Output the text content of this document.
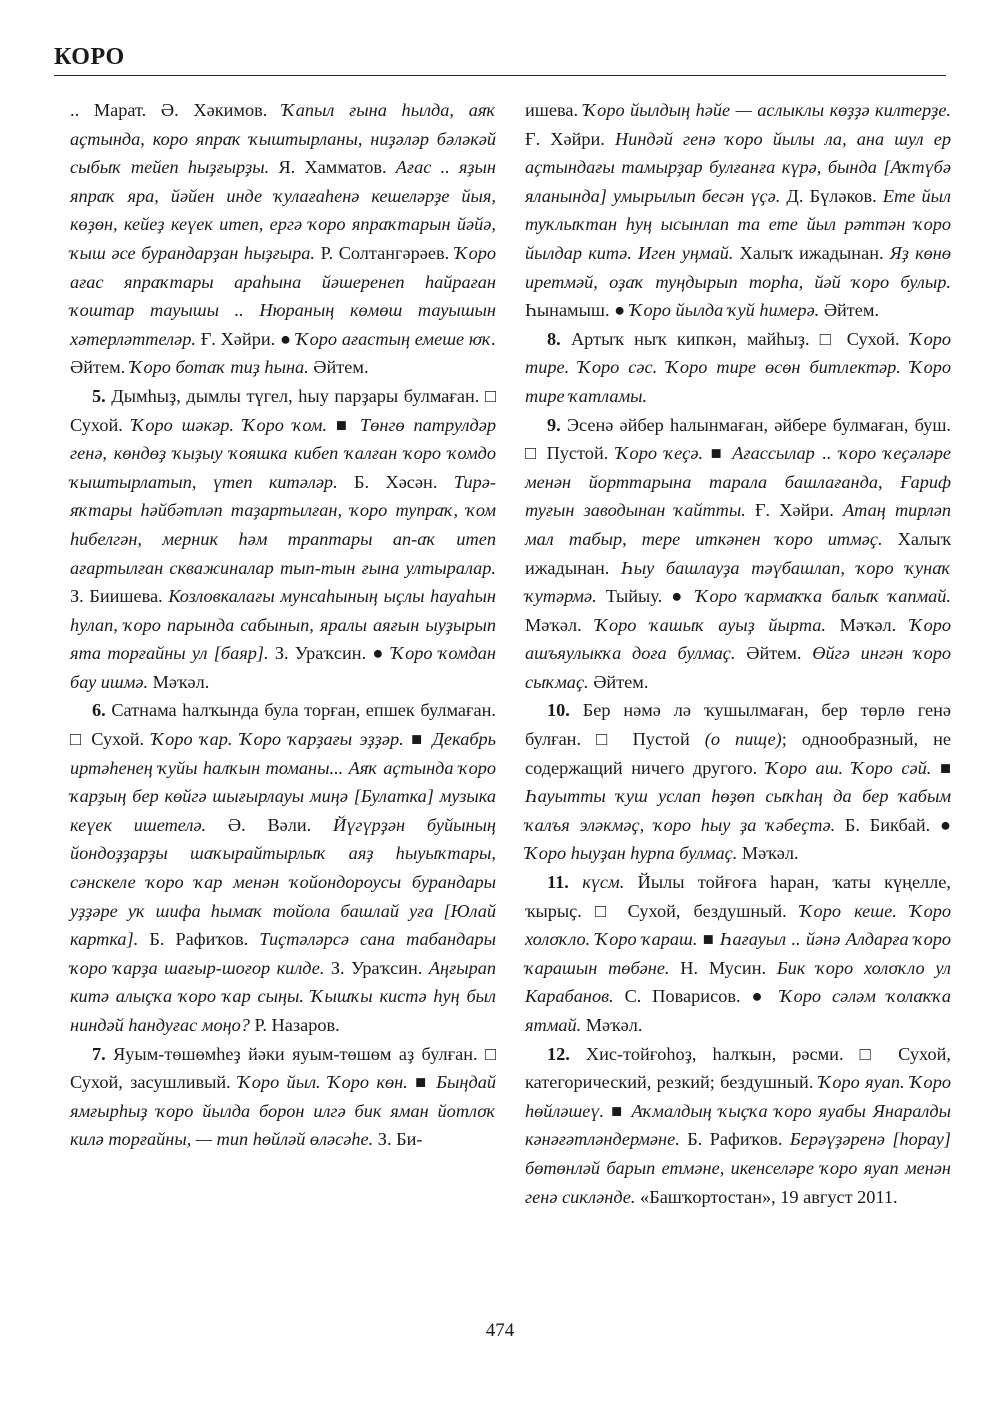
КОРО

.. Марат. Ә. Хәкимов. Ҡапыл ғына һылда, аяҡ аҫтында, коро япраҡ ҡыштырланы, ниҙәләр бәләкәй сыбыҡ тейеп һыҙғырҙы. Я. Хамматов. Ағас .. яҙын япраҡ яра, йәйен инде ҡулағаһенә кешеләрҙе йыя, көҙөн, кейеҙ кеүек итеп, ергә ҡоро япраҡтарын йәйә, ҡыш әсе бурандарҙан һыҙғыра. Р. Солтангәрәев. Ҡоро ағас япраҡтары араһына йәшеренеп һайраған ҡоштар тауышы .. Нюраның көмөш тауышын хәтерләттеләр. Ғ. Хәйри. ● Ҡоро ағастың емеше юҡ. Әйтем. Ҡоро ботаҡ тиҙ һына. Әйтем.

5. Дымһыҙ, дымлы түгел, һыу парҙары булмаған. □ Сухой. Ҡоро шәкәр. Ҡоро ҡом. ■ Төнгө патрулдәр генә, көндөҙ ҡыҙыу ҡояшка кибеп ҡалған ҡоро ҡомдо ҡыштырлатып, үтеп китәләр. Б. Хәсән. Тирә-яҡтары һәйбәтләп таҙартылған, ҡоро тупраҡ, ҡом һибелгән, мерник һәм траптары ап-аҡ итеп ағартылған скважиналар тып-тын ғына ултыралар. З. Биишева. Козловкалағы мунсаһының ыҫлы һауаһын һулап, ҡоро парында сабынып, яралы аяғын ыуҙырып ята торғайны ул [баяр]. З. Ураҡсин. ● Ҡоро ҡомдан бау ишмә. Мәҡәл.

6. Сатнама һалҡында була торған, епшек булмаған. □ Сухой. Ҡоро ҡар. Ҡоро ҡарҙағы эҙҙәр. ■ Декабрь иртәһенең ҡуйы һалҡын томаны... Аяҡ аҫтында ҡоро ҡарҙың бер көйгә шығырлауы миңә [Булатка] музыка кеүек ишетелә. Ә. Вәли. Йүгүрҙән буйының йондоҙҙарҙы шаҡырайтырлыҡ аяҙ һыуыҡтары, сәнскеле ҡоро ҡар менән ҡойондороусы бурандары уҙҙәре уҡ шифа һымаҡ тойола башлай уға [Юлай картка]. Б. Рафиҡов. Тиҫтәләрсә сана табандары ҡоро ҡарҙа шағыр-шоғор килде. З. Ураҡсин. Аңғырап китә алыҫҡа ҡоро ҡар сыңы. Ҡышҡы кистә һуң был ниндәй һандуғас моңо? Р. Назаров.

7. Яуым-төшөмһеҙ йәки яуым-төшөм аҙ булған. □ Сухой, засушливый. Ҡоро йыл. Ҡоро көн. ■ Быңдай ямғырһыҙ ҡоро йылда борон илгә бик яман йотлоҡ килә торғайны, — тип һөйләй өләсәһе. З. Би-

ишева. Ҡоро йылдың һәйе — аслыклы көҙҙә килтерҙе. Ғ. Хәйри. Ниндәй генә ҡоро йылы ла, ана шул ер аҫтындағы тамырҙар булғанға күрә, бында [Аҡтүбә яланында] умырылып бесән үҫә. Д. Бүләков. Ете йыл туҡлыҡтан һуң ысынлап та ете йыл рәттән ҡоро йылдар китә. Иген уңмай. Халыҡ ижадынан. Яҙ көнө иретмәй, оҙаҡ туңдырып торһа, йәй ҡоро булыр. Һынамыш. ● Ҡоро йылда ҡуй һимерә. Әйтем.

8. Артыҡ ныҡ кипкән, майһыҙ. □ Сухой. Ҡоро тире. Ҡоро сәс. Ҡоро тире өсөн битлектәр. Ҡоро тире ҡатламы.

9. Эсенә әйбер һалынмаған, әйбере булмаған, буш. □ Пустой. Ҡоро ҡеҫә. ■ Ағассылар .. ҡоро ҡеҫәләре менән йорттарына тарала башлағанда, Ғариф туғын заводынан ҡайтты. Ғ. Хәйри. Атаң тирләп мал табыр, тере иткәнен ҡоро итмәҫ. Халыҡ ижадынан. Һыу башлауҙа тәүбашлап, ҡоро ҡунаҡ ҡутәрмә. Тыйыу. ● Ҡоро ҡармаҡҡа балыҡ ҡапмай. Мәҡәл. Ҡоро ҡашыҡ ауыҙ йырта. Мәҡәл. Ҡоро ашъяулыкҡа доға булмаҫ. Әйтем. Өйгә ингән ҡоро сыҡмаҫ. Әйтем.

10. Бер нәмә лә ҡушылмаған, бер төрлө генә булған. □ Пустой (о пище); однообразный, не содержащий ничего другого. Ҡоро аш. Ҡоро сәй. ■ Һауытты ҡуш услап һөҙөп сыҡһаң да бер ҡабым ҡалъя эләкмәҫ, ҡоро һыу ҙа ҡәбеҫтә. Б. Бикбай. ● Ҡоро һыуҙан һурпа булмаҫ. Мәҡәл.

11. күсм. Йылы тойғоға һаран, ҡаты күңелле, ҡырыҫ. □ Сухой, бездушный. Ҡоро кеше. Ҡоро холоҡло. Ҡоро ҡараш. ■ Һағауыл .. йәнә Алдарға ҡоро ҡарашын төбәне. Н. Мусин. Бик ҡоро холоҡло ул Карабанов. С. Поварисов. ● Ҡоро сәләм ҡолаҡҡа ятмай. Мәҡәл.

12. Хис-тойғоһоҙ, һалҡын, рәсми. □ Сухой, категорический, резкий; бездушный. Ҡоро яуап. Ҡоро һөйләшеү. ■ Аҡмалдың ҡыҫҡа ҡоро яуабы Янаралды кәнәғәтләндермәне. Б. Рафиҡов. Берәүҙәренә [һорау] бөтөнләй барып етмәне, икенселәре ҡоро яуап менән генә сикләнде. «Башҡортостан», 19 август 2011.

474
